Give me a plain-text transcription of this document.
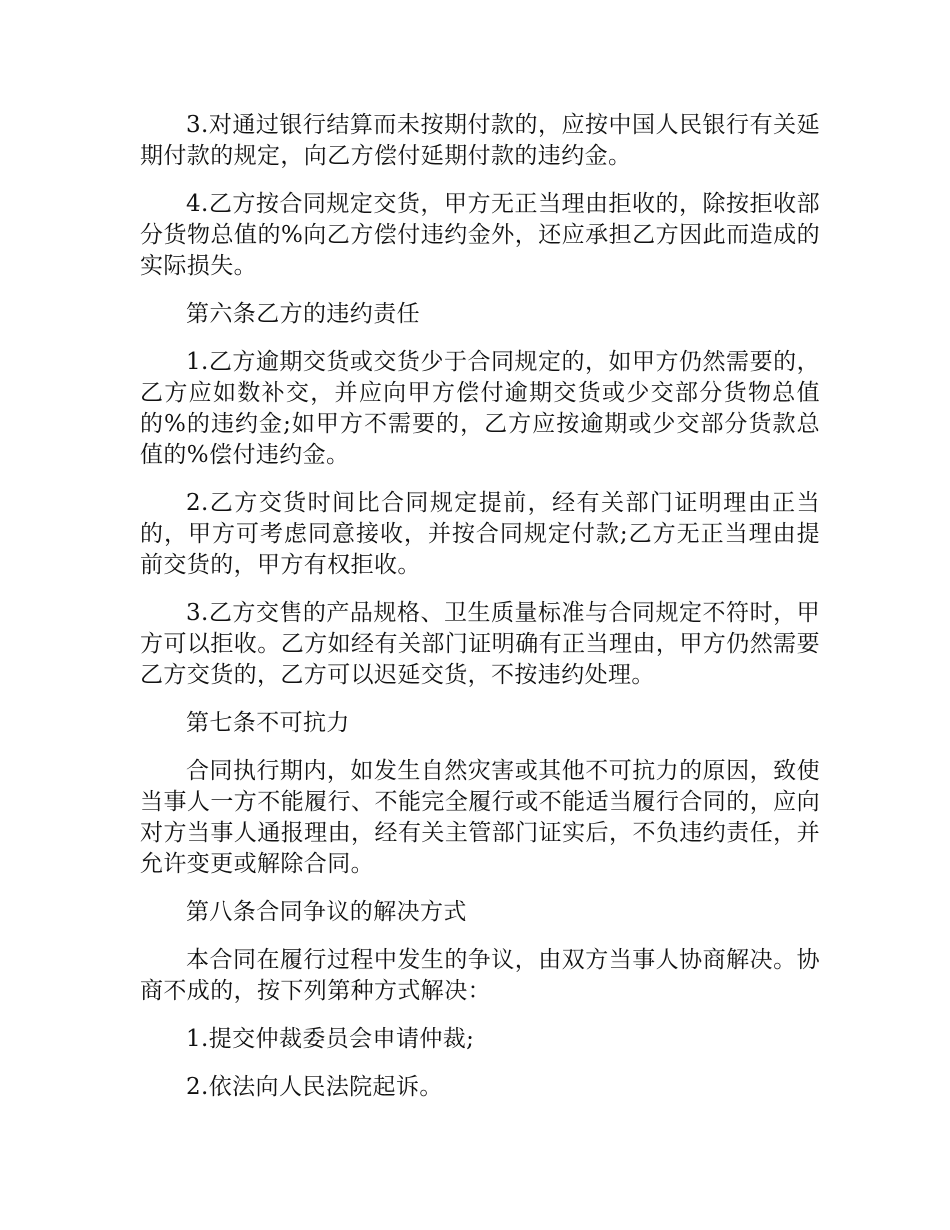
3.对通过银行结算而未按期付款的，应按中国人民银行有关延期付款的规定，向乙方偿付延期付款的违约金。

4.乙方按合同规定交货，甲方无正当理由拒收的，除按拒收部分货物总值的%向乙方偿付违约金外，还应承担乙方因此而造成的实际损失。

第六条乙方的违约责任

1.乙方逾期交货或交货少于合同规定的，如甲方仍然需要的，乙方应如数补交，并应向甲方偿付逾期交货或少交部分货物总值的%的违约金;如甲方不需要的，乙方应按逾期或少交部分货款总值的%偿付违约金。

2.乙方交货时间比合同规定提前，经有关部门证明理由正当的，甲方可考虑同意接收，并按合同规定付款;乙方无正当理由提前交货的，甲方有权拒收。

3.乙方交售的产品规格、卫生质量标准与合同规定不符时，甲方可以拒收。乙方如经有关部门证明确有正当理由，甲方仍然需要乙方交货的，乙方可以迟延交货，不按违约处理。

第七条不可抗力

合同执行期内，如发生自然灾害或其他不可抗力的原因，致使当事人一方不能履行、不能完全履行或不能适当履行合同的，应向对方当事人通报理由，经有关主管部门证实后，不负违约责任，并允许变更或解除合同。

第八条合同争议的解决方式

本合同在履行过程中发生的争议，由双方当事人协商解决。协商不成的，按下列第种方式解决：

1.提交仲裁委员会申请仲裁;

2.依法向人民法院起诉。
